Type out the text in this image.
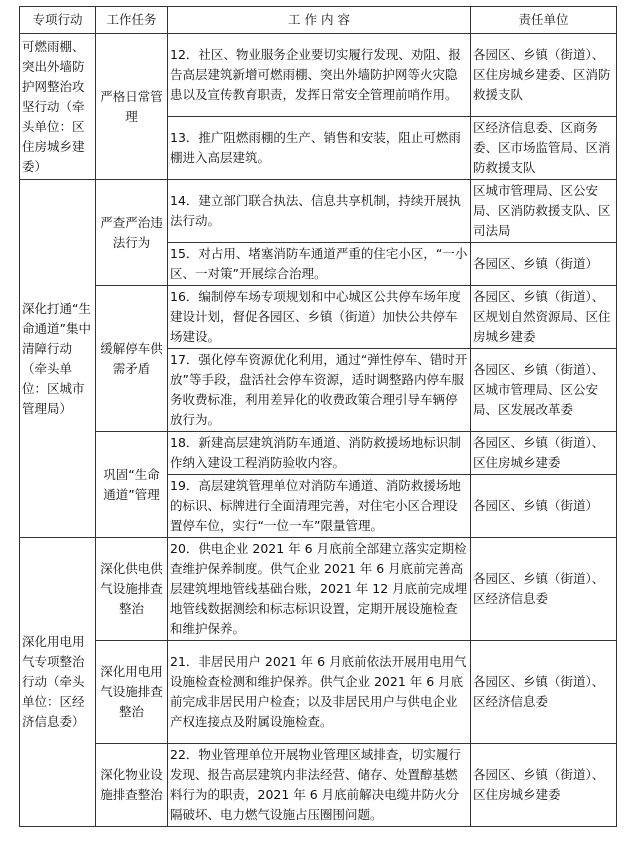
专项行动	工作任务	工 作 内 容	责任单位
可燃雨棚、突出外墙防护网整治攻坚行动（牵头单位：区住房城乡建委）	严格日常管理	12．社区、物业服务企业要切实履行发现、劝阻、报告高层建筑新增可燃雨棚、突出外墙防护网等火灾隐患以及宣传教育职责，发挥日常安全管理前哨作用。	各园区、乡镇（街道）、区住房城乡建委、区消防救援支队
		13．推广阻燃雨棚的生产、销售和安装，阻止可燃雨棚进入高层建筑。	区经济信息委、区商务委、区市场监管局、区消防救援支队
深化打通“生命通道”集中清障行动（牵头单位：区城市管理局）	严查严治违法行为	14．建立部门联合执法、信息共享机制，持续开展执法行动。	区城市管理局、区公安局、区消防救援支队、区司法局
		15．对占用、堵塞消防车通道严重的住宅小区，“一小区、一对策”开展综合治理。	各园区、乡镇（街道）
	缓解停车供需矛盾	16．编制停车场专项规划和中心城区公共停车场年度建设计划，督促各园区、乡镇（街道）加快公共停车场建设。	各园区、乡镇（街道）、区规划自然资源局、区住房城乡建委
		17．强化停车资源优化利用，通过“弹性停车、错时开放”等手段，盘活社会停车资源，适时调整路内停车服务收费标准，利用差异化的收费政策合理引导车辆停放行为。	各园区、乡镇（街道）、区城市管理局、区公安局、区发展改革委
	巩固“生命通道”管理	18．新建高层建筑消防车通道、消防救援场地标识制作纳入建设工程消防验收内容。	各园区、乡镇（街道）、区住房城乡建委
		19．高层建筑管理单位对消防车通道、消防救援场地的标识、标牌进行全面清理完善，对住宅小区合理设置停车位，实行“一位一车”限量管理。	各园区、乡镇（街道）
深化用电用气专项整治行动（牵头单位：区经济信息委）	深化供电供气设施排查整治	20．供电企业 2021 年 6 月底前全部建立落实定期检查维护保养制度。供气企业 2021 年 6 月底前完善高层建筑埋地管线基础台账，2021 年 12 月底前完成埋地管线数据测绘和标志标识设置，定期开展设施检查和维护保养。	各园区、乡镇（街道）、区经济信息委
	深化用电用气设施排查整治	21．非居民用户 2021 年 6 月底前依法开展用电用气设施检查检测和维护保养。供气企业 2021 年 6 月底前完成非居民用户检查；以及非居民用户与供电企业产权连接点及附属设施检查。	各园区、乡镇（街道）、区经济信息委
	深化物业设施排查整治	22．物业管理单位开展物业管理区域排查，切实履行发现、报告高层建筑内非法经营、储存、处置醇基燃料行为的职责，2021 年 6 月底前解决电缆井防火分隔破坏、电力燃气设施占压圈围问题。	各园区、乡镇（街道）、区住房城乡建委
